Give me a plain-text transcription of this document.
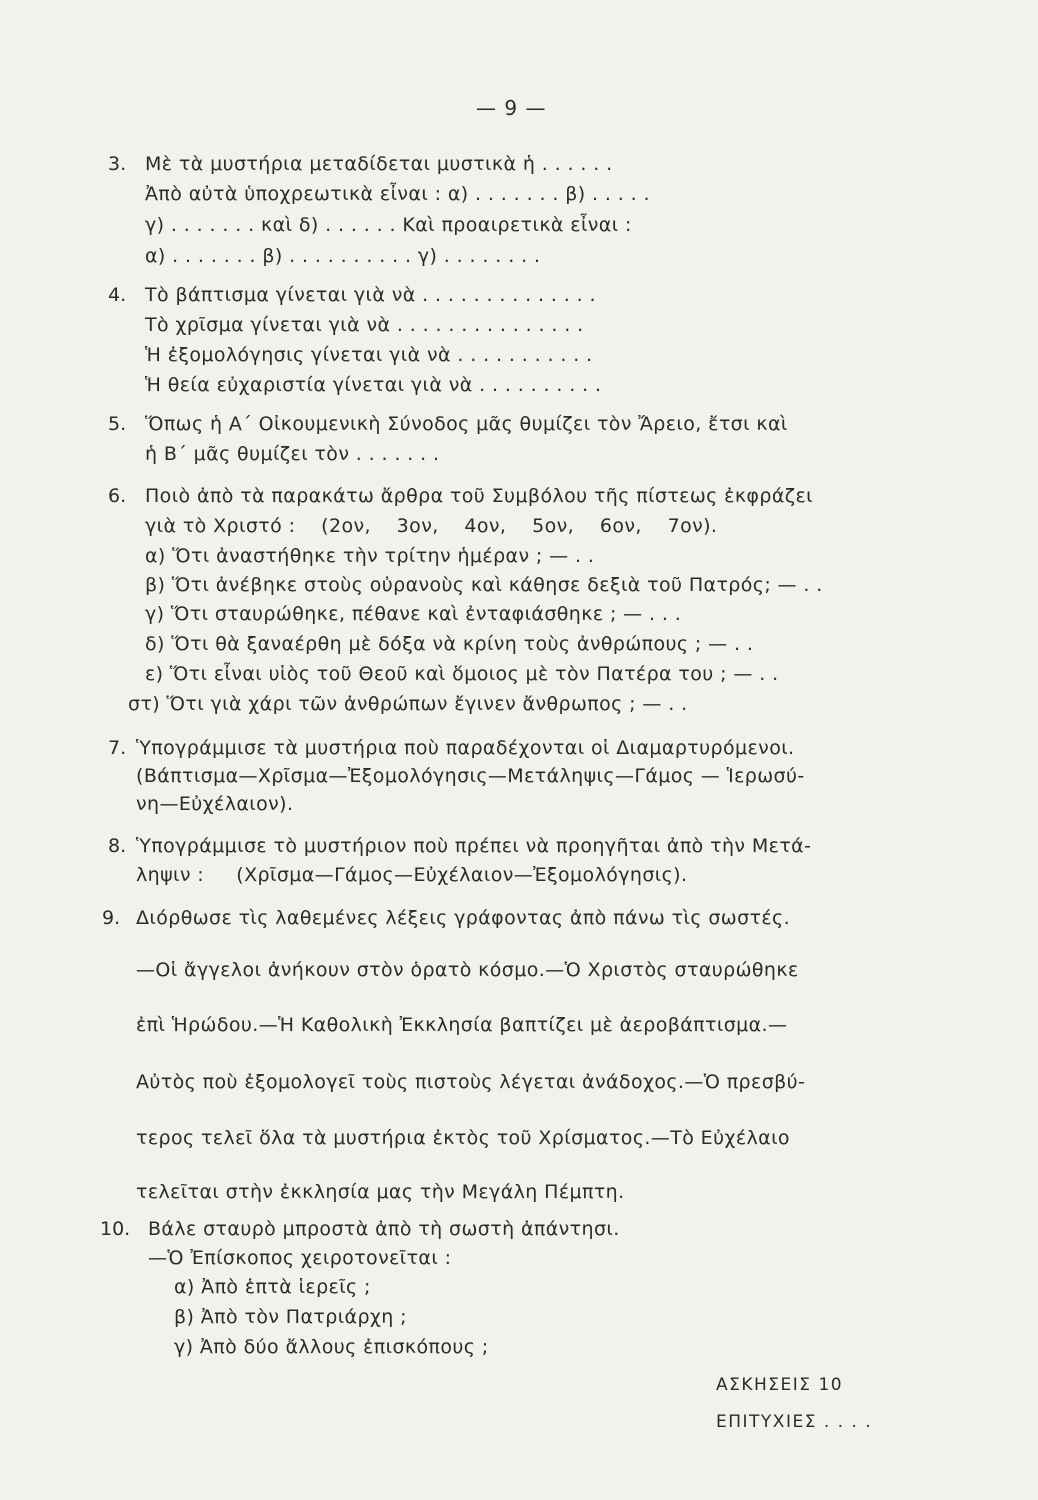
— 9 —
3. Μὲ τὰ μυστήρια μεταδίδεται μυστικὰ ἡ . . . . . .
Ἀπὸ αὐτὰ ὑποχρεωτικὰ εἶναι : α) . . . . . . . β) . . . . .
γ) . . . . . . . καὶ δ) . . . . . . Καὶ προαιρετικὰ εἶναι :
α) . . . . . . . β) . . . . . . . . . . γ) . . . . . . . .
4. Τὸ βάπτισμα γίνεται γιὰ νὰ . . . . . . . . . . . . . .
Τὸ χρῖσμα γίνεται γιὰ νὰ . . . . . . . . . . . . . . .
Ἡ ἐξομολόγησις γίνεται γιὰ νὰ . . . . . . . . . . .
Ἡ θεία εὐχαριστία γίνεται γιὰ νὰ . . . . . . . . . .
5. Ὅπως ἡ Α΄ Οἰκουμενικὴ Σύνοδος μᾶς θυμίζει τὸν Ἄρειο, ἔτσι καὶ
ἡ Β΄ μᾶς θυμίζει τὸν . . . . . . .
6. Ποιὸ ἀπὸ τὰ παρακάτω ἄρθρα τοῦ Συμβόλου τῆς πίστεως ἐκφράζει
γιὰ τὸ Χριστό :    (2ον,    3ον,    4ον,    5ον,    6ον,    7ον).
α) Ὅτι ἀναστήθηκε τὴν τρίτην ἡμέραν ; — . .
β) Ὅτι ἀνέβηκε στοὺς οὐρανοὺς καὶ κάθησε δεξιὰ τοῦ Πατρός; — . .
γ) Ὅτι σταυρώθηκε, πέθανε καὶ ἐνταφιάσθηκε ; — . . .
δ) Ὅτι θὰ ξαναέρθη μὲ δόξα νὰ κρίνη τοὺς ἀνθρώπους ; — . .
ε) Ὅτι εἶναι υἱὸς τοῦ Θεοῦ καὶ ὅμοιος μὲ τὸν Πατέρα του ; — . .
στ) Ὅτι γιὰ χάρι τῶν ἀνθρώπων ἔγινεν ἄνθρωπος ; — . .
7. Ὑπογράμμισε τὰ μυστήρια ποὺ παραδέχονται οἱ Διαμαρτυρόμενοι.
(Βάπτισμα—Χρῖσμα—Ἐξομολόγησις—Μετάληψις—Γάμος — Ἱερωσύ-
νη—Εὐχέλαιον).
8. Ὑπογράμμισε τὸ μυστήριον ποὺ πρέπει νὰ προηγῆται ἀπὸ τὴν Μετά-
ληψιν :     (Χρῖσμα—Γάμος—Εὐχέλαιον—Ἐξομολόγησις).
9. Διόρθωσε τὶς λαθεμένες λέξεις γράφοντας ἀπὸ πάνω τὶς σωστές.
—Οἱ ἄγγελοι ἀνήκουν στὸν ὁρατὸ κόσμο.—Ὁ Χριστὸς σταυρώθηκε
ἐπὶ Ἡρώδου.—Ἡ Καθολικὴ Ἐκκλησία βαπτίζει μὲ ἀεροβάπτισμα.—
Αὐτὸς ποὺ ἐξομολογεῖ τοὺς πιστοὺς λέγεται ἀνάδοχος.—Ὁ πρεσβύ-
τερος τελεῖ ὅλα τὰ μυστήρια ἐκτὸς τοῦ Χρίσματος.—Τὸ Εὐχέλαιο
τελεῖται στὴν ἐκκλησία μας τὴν Μεγάλη Πέμπτη.
10. Βάλε σταυρὸ μπροστὰ ἀπὸ τὴ σωστὴ ἀπάντησι.
—Ὁ Ἐπίσκοπος χειροτονεῖται :
α) Ἀπὸ ἑπτὰ ἱερεῖς ;
β) Ἀπὸ τὸν Πατριάρχη ;
γ) Ἀπὸ δύο ἄλλους ἐπισκόπους ;
ΑΣΚΗΣΕΙΣ 10
ΕΠΙΤΥΧΙΕΣ . . . .
